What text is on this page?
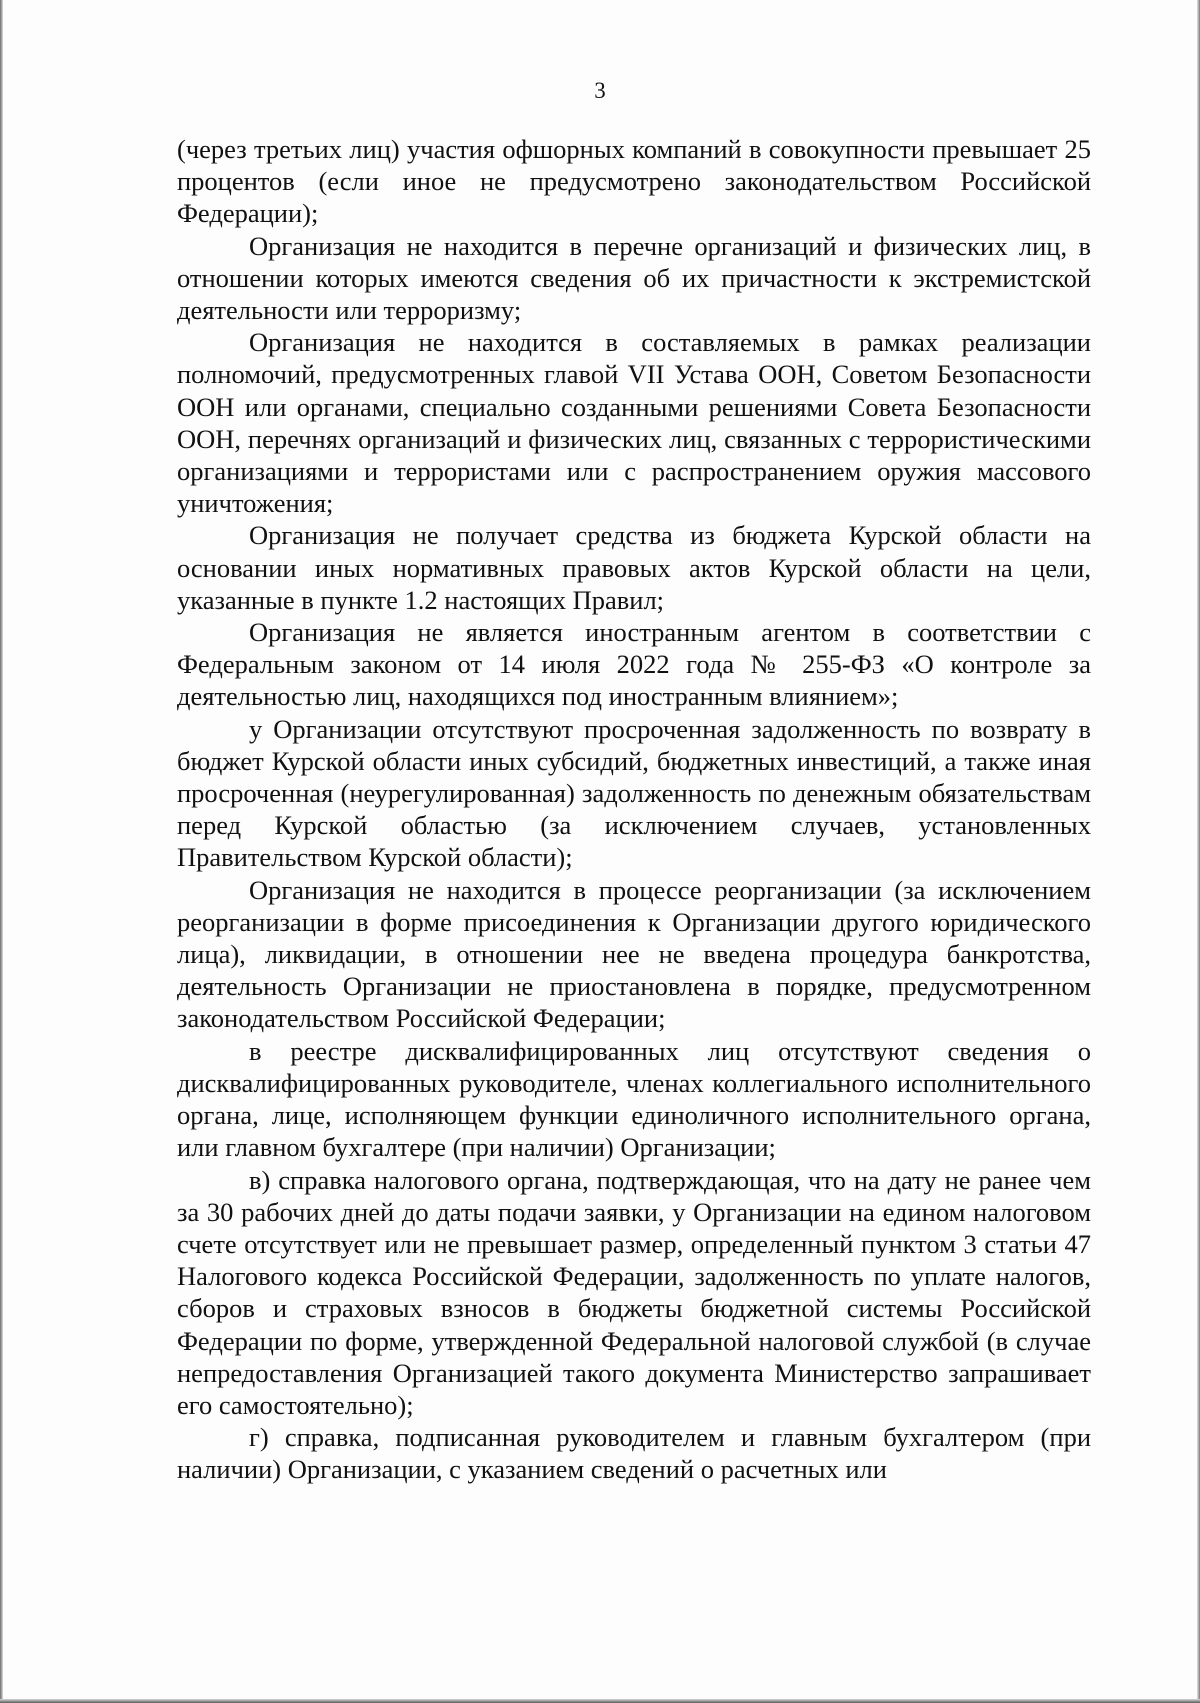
3

(через третьих лиц) участия офшорных компаний в совокупности превышает 25 процентов (если иное не предусмотрено законодательством Российской Федерации);

Организация не находится в перечне организаций и физических лиц, в отношении которых имеются сведения об их причастности к экстремистской деятельности или терроризму;

Организация не находится в составляемых в рамках реализации полномочий, предусмотренных главой VII Устава ООН, Советом Безопасности ООН или органами, специально созданными решениями Совета Безопасности ООН, перечнях организаций и физических лиц, связанных с террористическими организациями и террористами или с распространением оружия массового уничтожения;

Организация не получает средства из бюджета Курской области на основании иных нормативных правовых актов Курской области на цели, указанные в пункте 1.2 настоящих Правил;

Организация не является иностранным агентом в соответствии с Федеральным законом от 14 июля 2022 года № 255-ФЗ «О контроле за деятельностью лиц, находящихся под иностранным влиянием»;

у Организации отсутствуют просроченная задолженность по возврату в бюджет Курской области иных субсидий, бюджетных инвестиций, а также иная просроченная (неурегулированная) задолженность по денежным обязательствам перед Курской областью (за исключением случаев, установленных Правительством Курской области);

Организация не находится в процессе реорганизации (за исключением реорганизации в форме присоединения к Организации другого юридического лица), ликвидации, в отношении нее не введена процедура банкротства, деятельность Организации не приостановлена в порядке, предусмотренном законодательством Российской Федерации;

в реестре дисквалифицированных лиц отсутствуют сведения о дисквалифицированных руководителе, членах коллегиального исполнительного органа, лице, исполняющем функции единоличного исполнительного органа, или главном бухгалтере (при наличии) Организации;

в) справка налогового органа, подтверждающая, что на дату не ранее чем за 30 рабочих дней до даты подачи заявки, у Организации на едином налоговом счете отсутствует или не превышает размер, определенный пунктом 3 статьи 47 Налогового кодекса Российской Федерации, задолженность по уплате налогов, сборов и страховых взносов в бюджеты бюджетной системы Российской Федерации по форме, утвержденной Федеральной налоговой службой (в случае непредоставления Организацией такого документа Министерство запрашивает его самостоятельно);

г) справка, подписанная руководителем и главным бухгалтером (при наличии) Организации, с указанием сведений о расчетных или
